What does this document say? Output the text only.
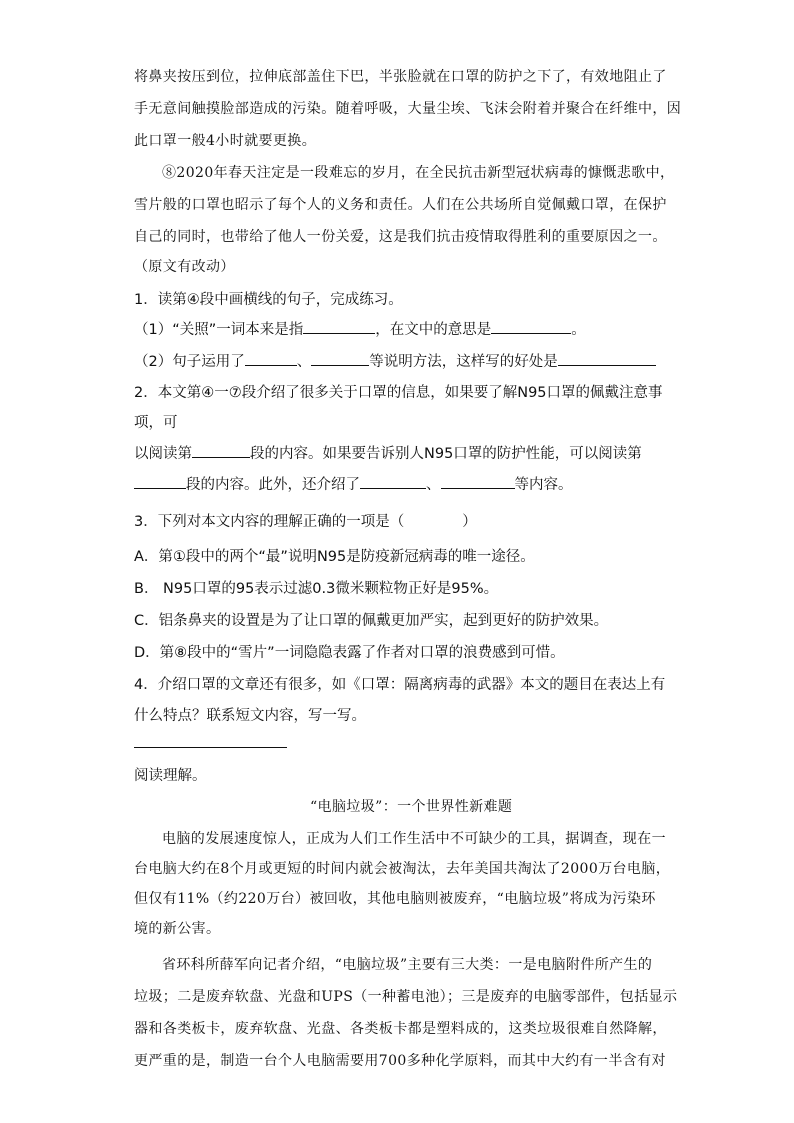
将鼻夹按压到位，拉伸底部盖住下巴，半张脸就在口罩的防护之下了，有效地阻止了
手无意间触摸脸部造成的污染。随着呼吸，大量尘埃、飞沫会附着并聚合在纤维中，因
此口罩一般4小时就要更换。
⑧2020年春天注定是一段难忘的岁月，在全民抗击新型冠状病毒的慷慨悲歌中，
雪片般的口罩也昭示了每个人的义务和责任。人们在公共场所自觉佩戴口罩，在保护
自己的同时，也带给了他人一份关爱，这是我们抗击疫情取得胜利的重要原因之一。
（原文有改动）
1．读第④段中画横线的句子，完成练习。
（1）“关照”一词本来是指	，在文中的意思是	。
（2）句子运用了	、	等说明方法，这样写的好处是
2．本文第④一⑦段介绍了很多关于口罩的信息，如果要了解N95口罩的佩戴注意事
项，可
以阅读第	段的内容。如果要告诉别人N95口罩的防护性能，可以阅读第
段的内容。此外，还介绍了	、	等内容。
3．下列对本文内容的理解正确的一项是（　　　　）
A．第①段中的两个“最”说明N95是防疫新冠病毒的唯一途径。
B． N95口罩的95表示过滤0.3微米颗粒物正好是95%。
C．铝条鼻夹的设置是为了让口罩的佩戴更加严实，起到更好的防护效果。
D．第⑧段中的“雪片”一词隐隐表露了作者对口罩的浪费感到可惜。
4．介绍口罩的文章还有很多，如《口罩：隔离病毒的武器》本文的题目在表达上有
什么特点？联系短文内容，写一写。
阅读理解。
“电脑垃圾”：一个世界性新难题
电脑的发展速度惊人，正成为人们工作生活中不可缺少的工具，据调查，现在一
台电脑大约在8个月或更短的时间内就会被淘汰，去年美国共淘汰了2000万台电脑，
但仅有11%（约220万台）被回收，其他电脑则被废弃，“电脑垃圾”将成为污染环
境的新公害。
省环科所薛军向记者介绍，“电脑垃圾”主要有三大类：一是电脑附件所产生的
垃圾；二是废弃软盘、光盘和UPS（一种蓄电池）；三是废弃的电脑零部件，包括显示
器和各类板卡，废弃软盘、光盘、各类板卡都是塑料成的，这类垃圾很难自然降解，
更严重的是，制造一台个人电脑需要用700多种化学原料，而其中大约有一半含有对
